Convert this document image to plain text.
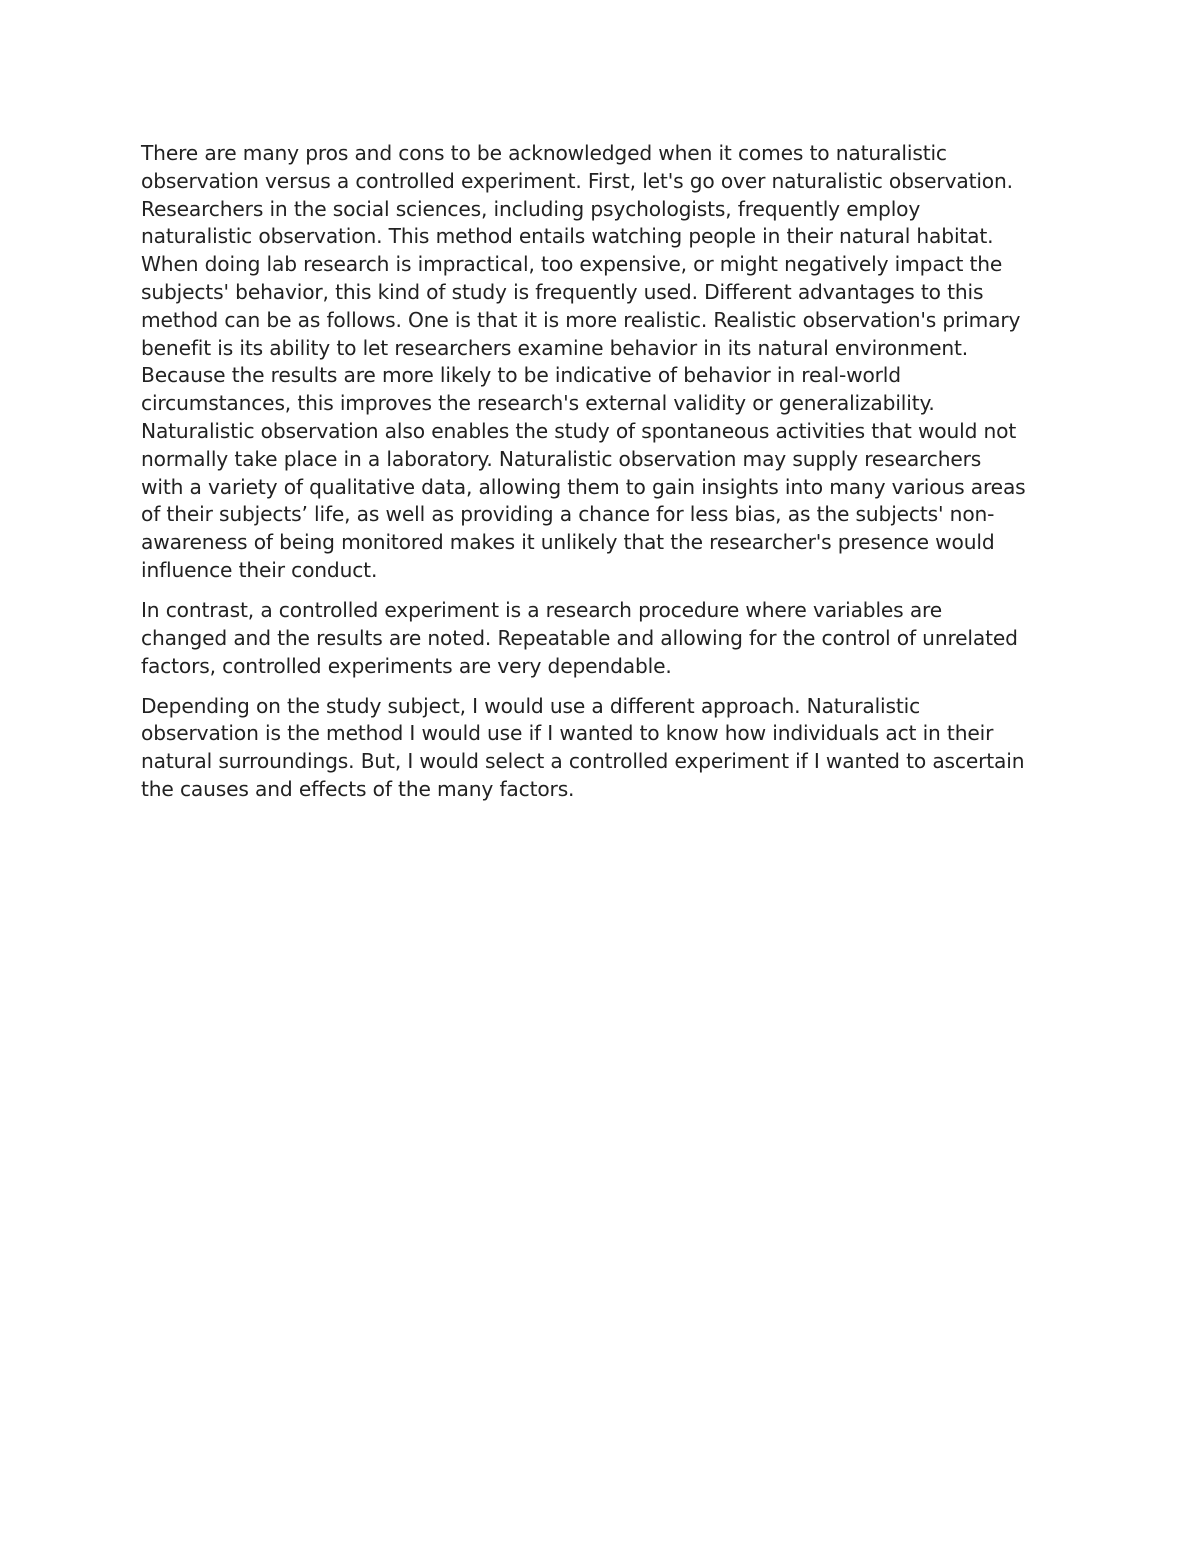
There are many pros and cons to be acknowledged when it comes to naturalistic
observation versus a controlled experiment. First, let's go over naturalistic observation.
Researchers in the social sciences, including psychologists, frequently employ
naturalistic observation. This method entails watching people in their natural habitat.
When doing lab research is impractical, too expensive, or might negatively impact the
subjects' behavior, this kind of study is frequently used. Different advantages to this
method can be as follows. One is that it is more realistic. Realistic observation's primary
benefit is its ability to let researchers examine behavior in its natural environment.
Because the results are more likely to be indicative of behavior in real-world
circumstances, this improves the research's external validity or generalizability.
Naturalistic observation also enables the study of spontaneous activities that would not
normally take place in a laboratory. Naturalistic observation may supply researchers
with a variety of qualitative data, allowing them to gain insights into many various areas
of their subjects’ life, as well as providing a chance for less bias, as the subjects' non-
awareness of being monitored makes it unlikely that the researcher's presence would
influence their conduct.

In contrast, a controlled experiment is a research procedure where variables are
changed and the results are noted. Repeatable and allowing for the control of unrelated
factors, controlled experiments are very dependable.

Depending on the study subject, I would use a different approach. Naturalistic
observation is the method I would use if I wanted to know how individuals act in their
natural surroundings. But, I would select a controlled experiment if I wanted to ascertain
the causes and effects of the many factors.
